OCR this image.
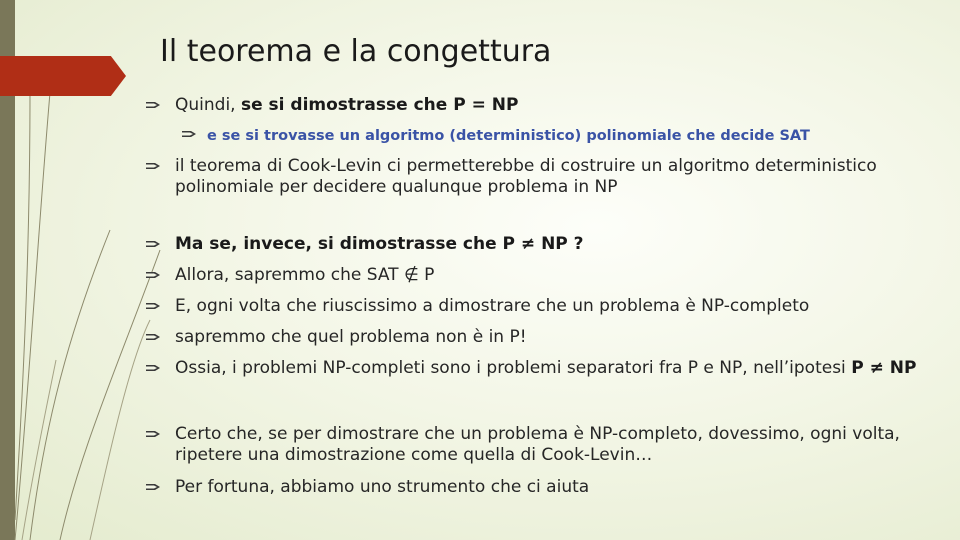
Il teorema e la congettura
Quindi, se si dimostrasse che P = NP
e se si trovasse un algoritmo (deterministico) polinomiale che decide SAT
il teorema di Cook-Levin ci permetterebbe di costruire un algoritmo deterministico polinomiale per decidere qualunque problema in NP
Ma se, invece, si dimostrasse che P ≠ NP ?
Allora, sapremmo che SAT ∉ P
E, ogni volta che riuscissimo a dimostrare che un problema è NP-completo
sapremmo che quel problema non è in P!
Ossia, i problemi NP-completi sono i problemi separatori fra P e NP, nell’ipotesi P ≠ NP
Certo che, se per dimostrare che un problema è NP-completo, dovessimo, ogni volta, ripetere una dimostrazione come quella di Cook-Levin…
Per fortuna, abbiamo uno strumento che ci aiuta
